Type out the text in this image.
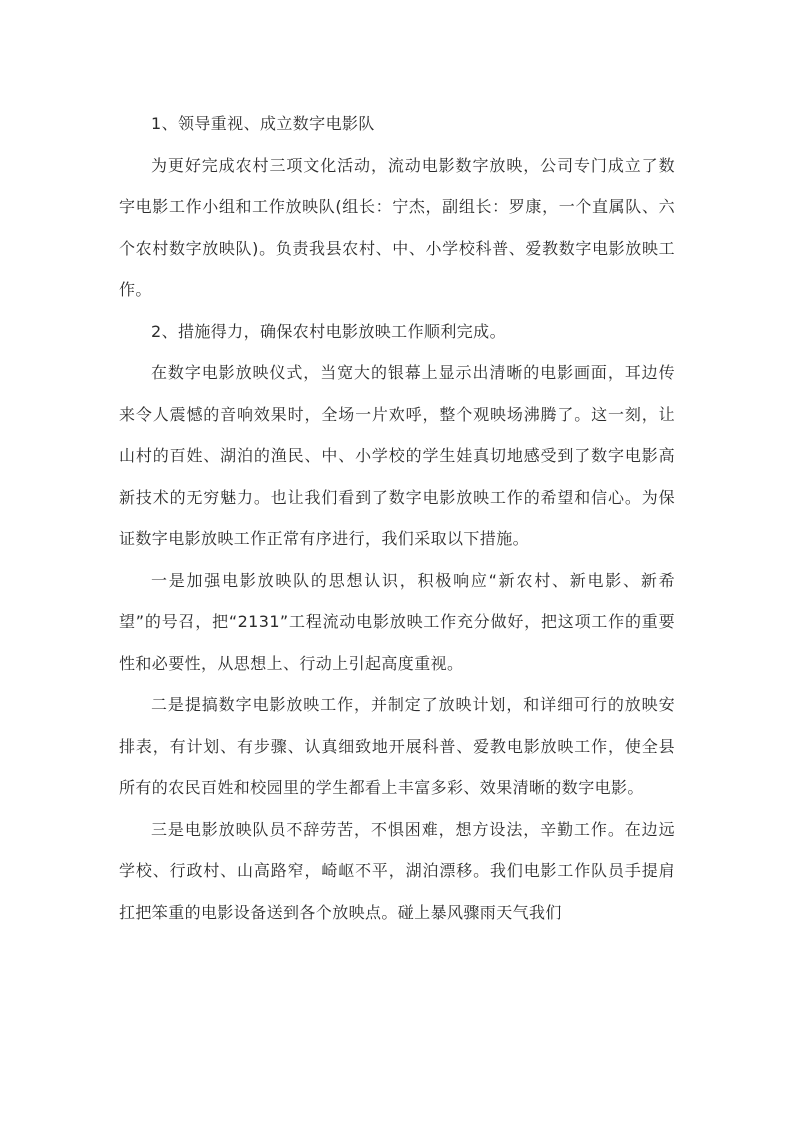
1、领导重视、成立数字电影队

为更好完成农村三项文化活动，流动电影数字放映，公司专门成立了数字电影工作小组和工作放映队(组长：宁杰，副组长：罗康，一个直属队、六个农村数字放映队)。负责我县农村、中、小学校科普、爱教数字电影放映工作。

2、措施得力，确保农村电影放映工作顺利完成。

在数字电影放映仪式，当宽大的银幕上显示出清晰的电影画面，耳边传来令人震憾的音响效果时，全场一片欢呼，整个观映场沸腾了。这一刻，让山村的百姓、湖泊的渔民、中、小学校的学生娃真切地感受到了数字电影高新技术的无穷魅力。也让我们看到了数字电影放映工作的希望和信心。为保证数字电影放映工作正常有序进行，我们采取以下措施。

一是加强电影放映队的思想认识，积极响应“新农村、新电影、新希望”的号召，把“2131”工程流动电影放映工作充分做好，把这项工作的重要性和必要性，从思想上、行动上引起高度重视。

二是提搞数字电影放映工作，并制定了放映计划，和详细可行的放映安排表，有计划、有步骤、认真细致地开展科普、爱教电影放映工作，使全县所有的农民百姓和校园里的学生都看上丰富多彩、效果清晰的数字电影。

三是电影放映队员不辞劳苦，不惧困难，想方设法，辛勤工作。在边远学校、行政村、山高路窄，崎岖不平，湖泊漂移。我们电影工作队员手提肩扛把笨重的电影设备送到各个放映点。碰上暴风骤雨天气我们
